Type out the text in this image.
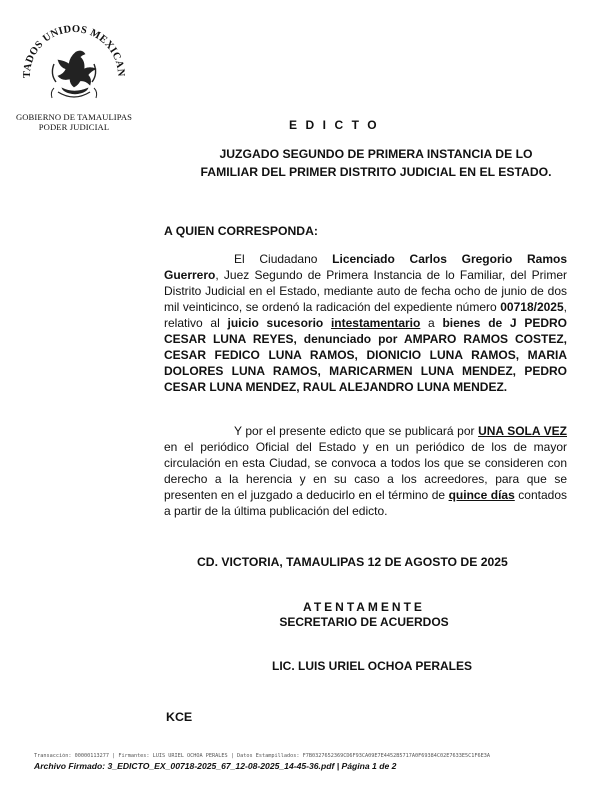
TADOS UNIDOS MEXICAN
GOBIERNO DE TAMAULIPAS
PODER JUDICIAL	EDICTO
JUZGADO SEGUNDO DE PRIMERA INSTANCIA DE LO
FAMILIAR DEL PRIMER DISTRITO JUDICIAL EN EL ESTADO.
A QUIEN CORRESPONDA:

El Ciudadano Licenciado Carlos Gregorio Ramos Guerrero, Juez Segundo de Primera Instancia de lo Familiar, del Primer Distrito Judicial en el Estado, mediante auto de fecha ocho de junio de dos mil veinticinco, se ordenó la radicación del expediente número 00718/2025, relativo al juicio sucesorio intestamentario a bienes de J PEDRO CESAR LUNA REYES, denunciado por AMPARO RAMOS COSTEZ, CESAR FEDICO LUNA RAMOS, DIONICIO LUNA RAMOS, MARIA DOLORES LUNA RAMOS, MARICARMEN LUNA MENDEZ, PEDRO CESAR LUNA MENDEZ, RAUL ALEJANDRO LUNA MENDEZ.

Y por el presente edicto que se publicará por UNA SOLA VEZ en el periódico Oficial del Estado y en un periódico de los de mayor circulación en esta Ciudad, se convoca a todos los que se consideren con derecho a la herencia y en su caso a los acreedores, para que se presenten en el juzgado a deducirlo en el término de quince días contados a partir de la última publicación del edicto.

CD. VICTORIA, TAMAULIPAS 12 DE AGOSTO DE 2025
ATENTAMENTE
SECRETARIO DE ACUERDOS
LIC. LUIS URIEL OCHOA PERALES
KCE
Transacción: 00000113277 | Firmantes: LUIS URIEL OCHOA PERALES | Datos Estampillados: F7B0327652369CD6F93CA09E7E4452B5717A0F69384C02E7633E5C1F6E3A
Archivo Firmado: 3_EDICTO_EX_00718-2025_67_12-08-2025_14-45-36.pdf | Página 1 de 2
